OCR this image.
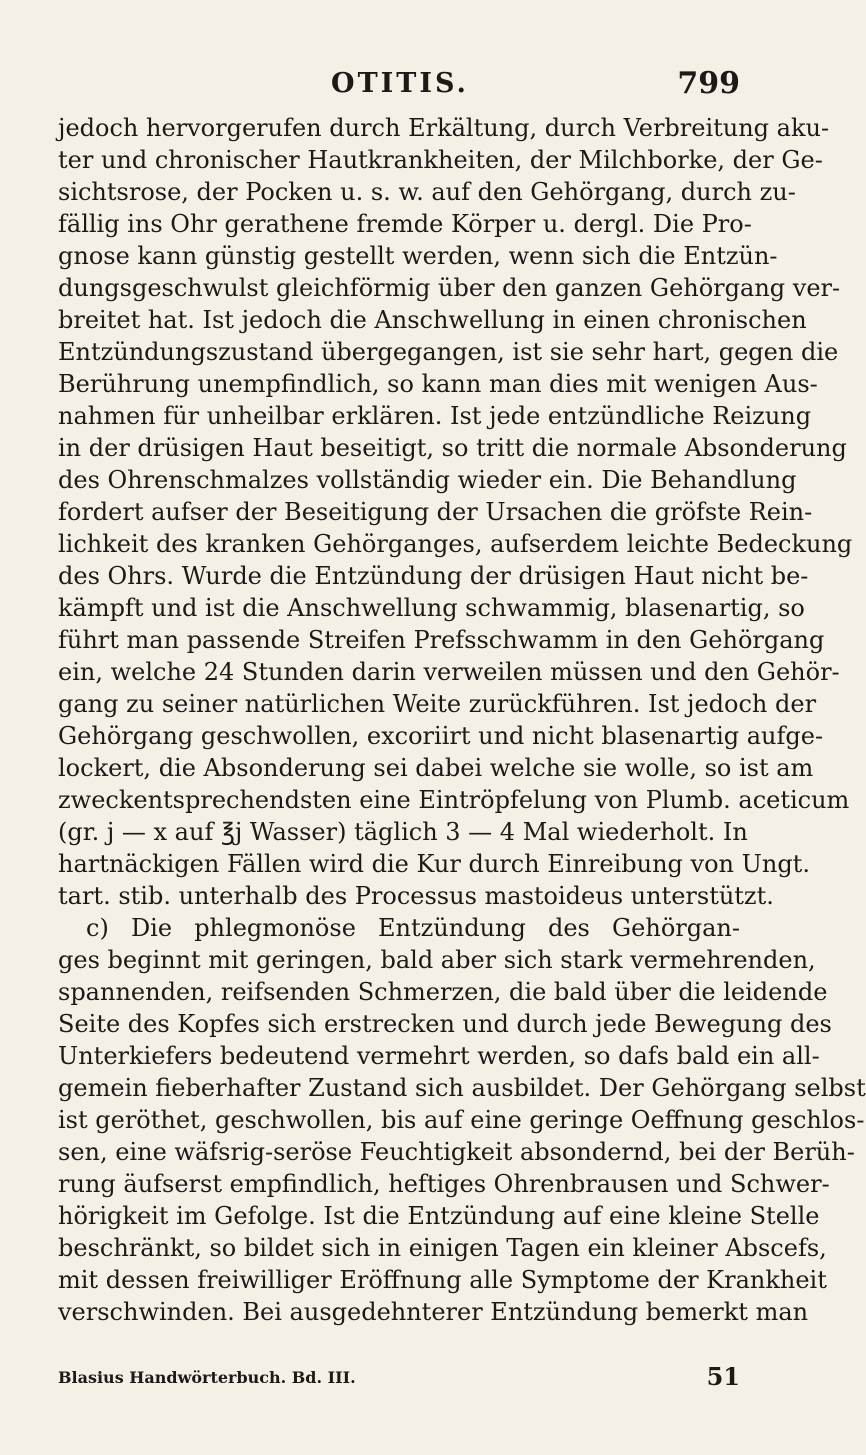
OTITIS.	799
jedoch hervorgerufen durch Erkältung, durch Verbreitung aku-
ter und chronischer Hautkrankheiten, der Milchborke, der Ge-
sichtsrose, der Pocken u. s. w. auf den Gehörgang, durch zu-
fällig ins Ohr gerathene fremde Körper u. dergl. Die Pro-
gnose kann günstig gestellt werden, wenn sich die Entzün-
dungsgeschwulst gleichförmig über den ganzen Gehörgang ver-
breitet hat. Ist jedoch die Anschwellung in einen chronischen
Entzündungszustand übergegangen, ist sie sehr hart, gegen die
Berührung unempfindlich, so kann man dies mit wenigen Aus-
nahmen für unheilbar erklären. Ist jede entzündliche Reizung
in der drüsigen Haut beseitigt, so tritt die normale Absonderung
des Ohrenschmalzes vollständig wieder ein. Die Behandlung
fordert aufser der Beseitigung der Ursachen die gröfste Rein-
lichkeit des kranken Gehörganges, aufserdem leichte Bedeckung
des Ohrs. Wurde die Entzündung der drüsigen Haut nicht be-
kämpft und ist die Anschwellung schwammig, blasenartig, so
führt man passende Streifen Prefsschwamm in den Gehörgang
ein, welche 24 Stunden darin verweilen müssen und den Gehör-
gang zu seiner natürlichen Weite zurückführen. Ist jedoch der
Gehörgang geschwollen, excoriirt und nicht blasenartig aufge-
lockert, die Absonderung sei dabei welche sie wolle, so ist am
zweckentsprechendsten eine Eintröpfelung von Plumb. aceticum
(gr. j — x auf ℥j Wasser) täglich 3 — 4 Mal wiederholt. In
hartnäckigen Fällen wird die Kur durch Einreibung von Ungt.
tart. stib. unterhalb des Processus mastoideus unterstützt.
c) Die phlegmonöse Entzündung des Gehörgan-
ges beginnt mit geringen, bald aber sich stark vermehrenden,
spannenden, reifsenden Schmerzen, die bald über die leidende
Seite des Kopfes sich erstrecken und durch jede Bewegung des
Unterkiefers bedeutend vermehrt werden, so dafs bald ein all-
gemein fieberhafter Zustand sich ausbildet. Der Gehörgang selbst
ist geröthet, geschwollen, bis auf eine geringe Oeffnung geschlos-
sen, eine wäfsrig-seröse Feuchtigkeit absondernd, bei der Berüh-
rung äufserst empfindlich, heftiges Ohrenbrausen und Schwer-
hörigkeit im Gefolge. Ist die Entzündung auf eine kleine Stelle
beschränkt, so bildet sich in einigen Tagen ein kleiner Abscefs,
mit dessen freiwilliger Eröffnung alle Symptome der Krankheit
verschwinden. Bei ausgedehnterer Entzündung bemerkt man
Blasius Handwörterbuch. Bd. III.	51
